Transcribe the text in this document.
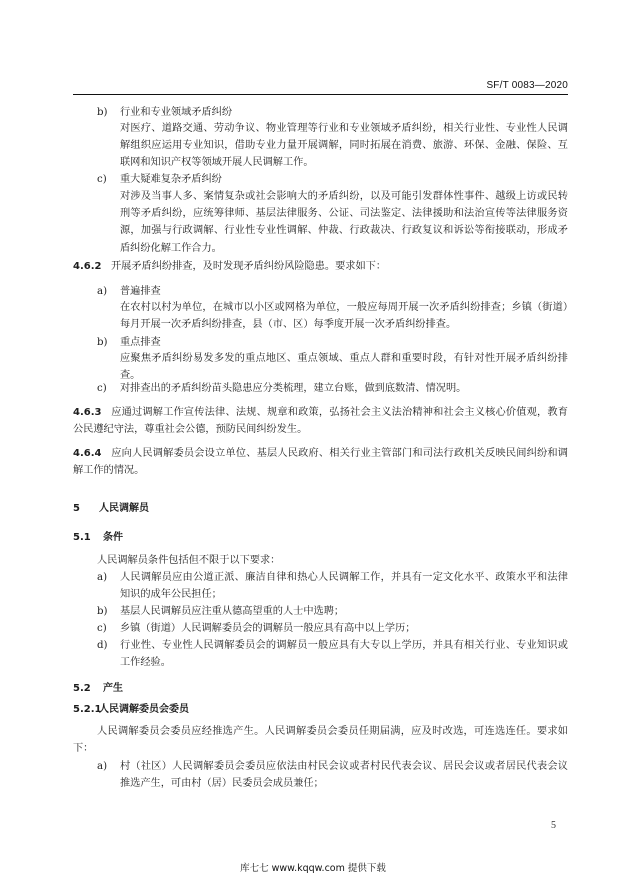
SF/T 0083—2020
b) 行业和专业领域矛盾纠纷
对医疗、道路交通、劳动争议、物业管理等行业和专业领域矛盾纠纷，相关行业性、专业性人民调解组织应运用专业知识，借助专业力量开展调解，同时拓展在消费、旅游、环保、金融、保险、互联网和知识产权等领域开展人民调解工作。
c) 重大疑难复杂矛盾纠纷
对涉及当事人多、案情复杂或社会影响大的矛盾纠纷，以及可能引发群体性事件、越级上访或民转刑等矛盾纠纷，应统筹律师、基层法律服务、公证、司法鉴定、法律援助和法治宣传等法律服务资源，加强与行政调解、行业性专业性调解、仲裁、行政裁决、行政复议和诉讼等衔接联动，形成矛盾纠纷化解工作合力。
4.6.2 开展矛盾纠纷排查，及时发现矛盾纠纷风险隐患。要求如下：
a) 普遍排查
在农村以村为单位，在城市以小区或网格为单位，一般应每周开展一次矛盾纠纷排查；乡镇（街道）每月开展一次矛盾纠纷排查，县（市、区）每季度开展一次矛盾纠纷排查。
b) 重点排查
应聚焦矛盾纠纷易发多发的重点地区、重点领域、重点人群和重要时段，有针对性开展矛盾纠纷排查。
c) 对排查出的矛盾纠纷苗头隐患应分类梳理，建立台账，做到底数清、情况明。
4.6.3 应通过调解工作宣传法律、法规、规章和政策，弘扬社会主义法治精神和社会主义核心价值观，教育公民遵纪守法，尊重社会公德，预防民间纠纷发生。
4.6.4 应向人民调解委员会设立单位、基层人民政府、相关行业主管部门和司法行政机关反映民间纠纷和调解工作的情况。
5 人民调解员
5.1 条件
人民调解员条件包括但不限于以下要求：
a) 人民调解员应由公道正派、廉洁自律和热心人民调解工作，并具有一定文化水平、政策水平和法律知识的成年公民担任；
b) 基层人民调解员应注重从德高望重的人士中选聘；
c) 乡镇（街道）人民调解委员会的调解员一般应具有高中以上学历；
d) 行业性、专业性人民调解委员会的调解员一般应具有大专以上学历，并具有相关行业、专业知识或工作经验。
5.2 产生
5.2.1人民调解委员会委员
人民调解委员会委员应经推选产生。人民调解委员会委员任期届满，应及时改选，可连选连任。要求如下：
a) 村（社区）人民调解委员会委员应依法由村民会议或者村民代表会议、居民会议或者居民代表会议推选产生，可由村（居）民委员会成员兼任；
5
库七七 www.kqqw.com 提供下载
